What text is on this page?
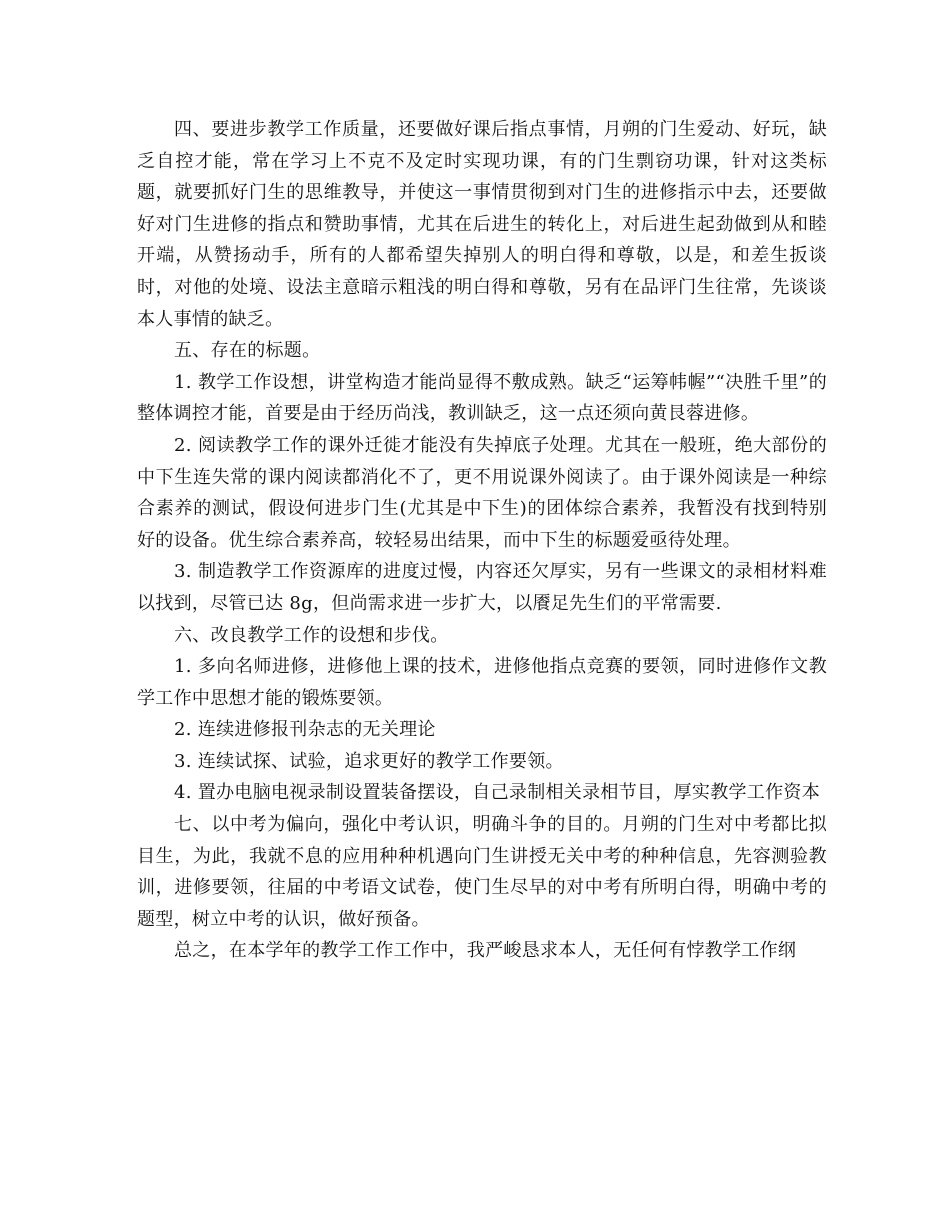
四、要进步教学工作质量，还要做好课后指点事情，月朔的门生爱动、好玩，缺乏自控才能，常在学习上不克不及定时实现功课，有的门生剽窃功课，针对这类标题，就要抓好门生的思维教导，并使这一事情贯彻到对门生的进修指示中去，还要做好对门生进修的指点和赞助事情，尤其在后进生的转化上，对后进生起劲做到从和睦开端，从赞扬动手，所有的人都希望失掉别人的明白得和尊敬，以是，和差生扳谈时，对他的处境、设法主意暗示粗浅的明白得和尊敬，另有在品评门生往常，先谈谈本人事情的缺乏。

五、存在的标题。

1. 教学工作设想，讲堂构造才能尚显得不敷成熟。缺乏“运筹帏幄”“决胜千里”的整体调控才能，首要是由于经历尚浅，教训缺乏，这一点还须向黄艮蓉进修。

2. 阅读教学工作的课外迁徙才能没有失掉底子处理。尤其在一般班，绝大部份的中下生连失常的课内阅读都消化不了，更不用说课外阅读了。由于课外阅读是一种综合素养的测试，假设何进步门生(尤其是中下生)的团体综合素养，我暂没有找到特别好的设备。优生综合素养高，较轻易出结果，而中下生的标题爱亟待处理。

3. 制造教学工作资源库的进度过慢，内容还欠厚实，另有一些课文的录相材料难以找到，尽管已达 8g，但尚需求进一步扩大，以餍足先生们的平常需要.

六、改良教学工作的设想和步伐。

1. 多向名师进修，进修他上课的技术，进修他指点竞赛的要领，同时进修作文教学工作中思想才能的锻炼要领。

2. 连续进修报刊杂志的无关理论

3. 连续试探、试验，追求更好的教学工作要领。

4. 置办电脑电视录制设置装备摆设，自己录制相关录相节目，厚实教学工作资本

七、以中考为偏向，强化中考认识，明确斗争的目的。月朔的门生对中考都比拟目生，为此，我就不息的应用种种机遇向门生讲授无关中考的种种信息，先容测验教训，进修要领，往届的中考语文试卷，使门生尽早的对中考有所明白得，明确中考的题型，树立中考的认识，做好预备。

总之，在本学年的教学工作工作中，我严峻恳求本人，无任何有悖教学工作纲
